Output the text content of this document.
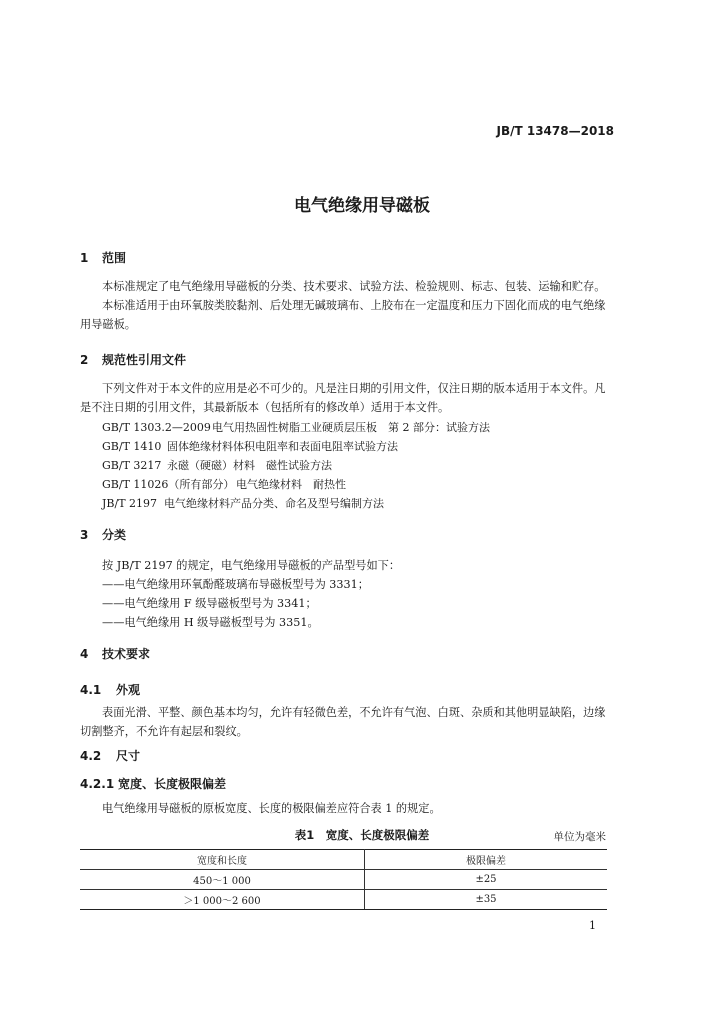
JB/T 13478—2018
电气绝缘用导磁板
1 范围
本标准规定了电气绝缘用导磁板的分类、技术要求、试验方法、检验规则、标志、包装、运输和贮存。
本标准适用于由环氧胺类胶黏剂、后处理无碱玻璃布、上胶布在一定温度和压力下固化而成的电气绝缘用导磁板。
2 规范性引用文件
下列文件对于本文件的应用是必不可少的。凡是注日期的引用文件，仅注日期的版本适用于本文件。凡是不注日期的引用文件，其最新版本（包括所有的修改单）适用于本文件。
GB/T 1303.2—2009电气用热固性树脂工业硬质层压板　第 2 部分：试验方法
GB/T 1410 固体绝缘材料体积电阻率和表面电阻率试验方法
GB/T 3217 永磁（硬磁）材料　磁性试验方法
GB/T 11026（所有部分） 电气绝缘材料　耐热性
JB/T 2197 电气绝缘材料产品分类、命名及型号编制方法
3 分类
按 JB/T 2197 的规定，电气绝缘用导磁板的产品型号如下：
——电气绝缘用环氧酚醛玻璃布导磁板型号为 3331；
——电气绝缘用 F 级导磁板型号为 3341；
——电气绝缘用 H 级导磁板型号为 3351。
4 技术要求
4.1 外观
表面光滑、平整、颜色基本均匀，允许有轻微色差，不允许有气泡、白斑、杂质和其他明显缺陷，边缘切割整齐，不允许有起层和裂纹。
4.2 尺寸
4.2.1 宽度、长度极限偏差
电气绝缘用导磁板的原板宽度、长度的极限偏差应符合表 1 的规定。
表1　宽度、长度极限偏差	单位为毫米
宽度和长度	极限偏差
450～1 000	±25
＞1 000～2 600	±35
1
